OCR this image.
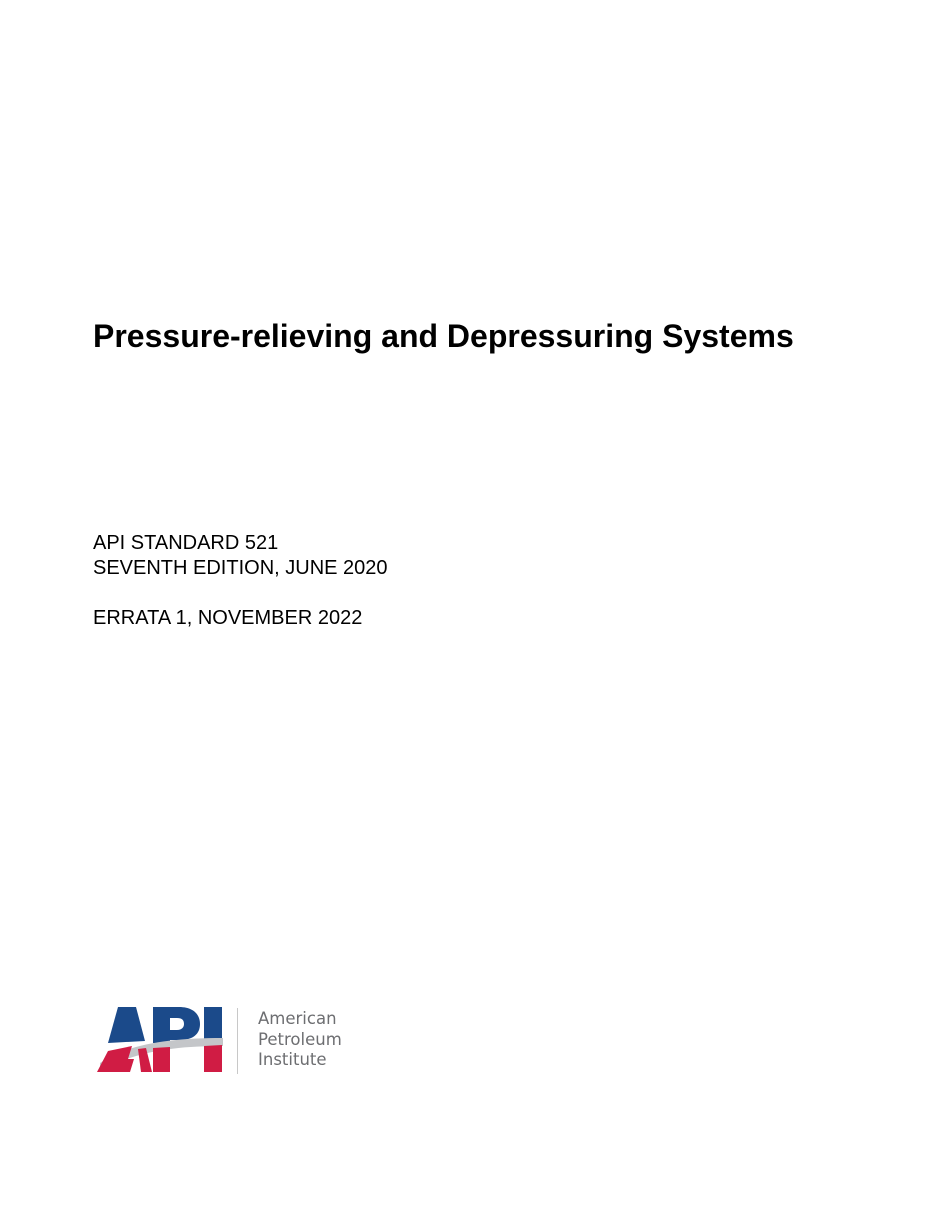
Pressure-relieving and Depressuring Systems

API STANDARD 521

SEVENTH EDITION, JUNE 2020

ERRATA 1, NOVEMBER 2022

American
Petroleum
Institute
